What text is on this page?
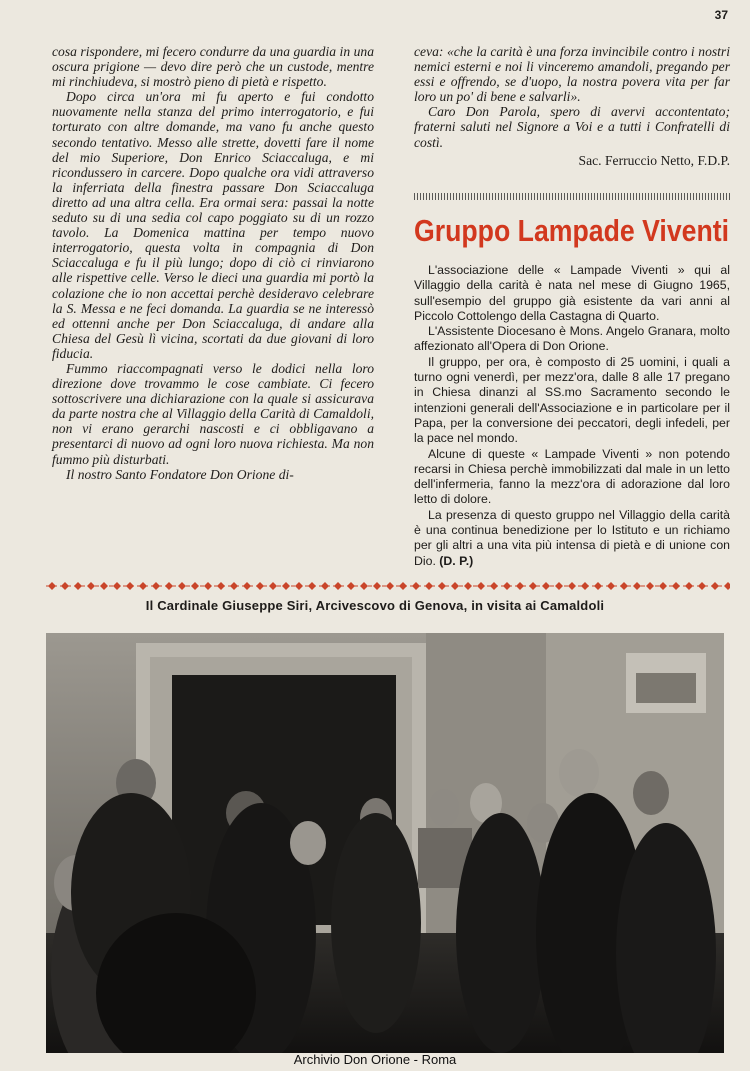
37

cosa rispondere, mi fecero condurre da una guardia in una oscura prigione — devo dire però che un custode, mentre mi rinchiudeva, si mostrò pieno di pietà e rispetto.

Dopo circa un'ora mi fu aperto e fui condotto nuovamente nella stanza del primo interrogatorio, e fui torturato con altre domande, ma vano fu anche questo secondo tentativo. Messo alle strette, dovetti fare il nome del mio Superiore, Don Enrico Sciaccaluga, e mi ricondussero in carcere. Dopo qualche ora vidi attraverso la inferriata della finestra passare Don Sciaccaluga diretto ad una altra cella. Era ormai sera: passai la notte seduto su di una sedia col capo poggiato su di un rozzo tavolo. La Domenica mattina per tempo nuovo interrogatorio, questa volta in compagnia di Don Sciaccaluga e fu il più lungo; dopo di ciò ci rinviarono alle rispettive celle. Verso le dieci una guardia mi portò la colazione che io non accettai perchè desideravo celebrare la S. Messa e ne feci domanda. La guardia se ne interessò ed ottenni anche per Don Sciaccaluga, di andare alla Chiesa del Gesù lì vicina, scortati da due giovani di loro fiducia.

Fummo riaccompagnati verso le dodici nella loro direzione dove trovammo le cose cambiate. Ci fecero sottoscrivere una dichiarazione con la quale si assicurava da parte nostra che al Villaggio della Carità di Camaldoli, non vi erano gerarchi nascosti e ci obbligavano a presentarci di nuovo ad ogni loro nuova richiesta. Ma non fummo più disturbati.

Il nostro Santo Fondatore Don Orione di-

ceva: «che la carità è una forza invincibile contro i nostri nemici esterni e noi li vinceremo amandoli, pregando per essi e offrendo, se d'uopo, la nostra povera vita per far loro un po' di bene e salvarli».

Caro Don Parola, spero di avervi accontentato; fraterni saluti nel Signore a Voi e a tutti i Confratelli di costì.

Sac. Ferruccio Netto, F.D.P.
Gruppo Lampade Viventi

L'associazione delle « Lampade Viventi » qui al Villaggio della carità è nata nel mese di Giugno 1965, sull'esempio del gruppo già esistente da vari anni al Piccolo Cottolengo della Castagna di Quarto.

L'Assistente Diocesano è Mons. Angelo Granara, molto affezionato all'Opera di Don Orione.

Il gruppo, per ora, è composto di 25 uomini, i quali a turno ogni venerdì, per mezz'ora, dalle 8 alle 17 pregano in Chiesa dinanzi al SS.mo Sacramento secondo le intenzioni generali dell'Associazione e in particolare per il Papa, per la conversione dei peccatori, degli infedeli, per la pace nel mondo.

Alcune di queste « Lampade Viventi » non potendo recarsi in Chiesa perchè immobilizzati dal male in un letto dell'infermeria, fanno la mezz'ora di adorazione dal loro letto di dolore.

La presenza di questo gruppo nel Villaggio della carità è una continua benedizione per lo Istituto e un richiamo per gli altri a una vita più intensa di pietà e di unione con Dio. (D. P.)

Il Cardinale Giuseppe Siri, Arcivescovo di Genova, in visita ai Camaldoli
Archivio Don Orione - Roma
